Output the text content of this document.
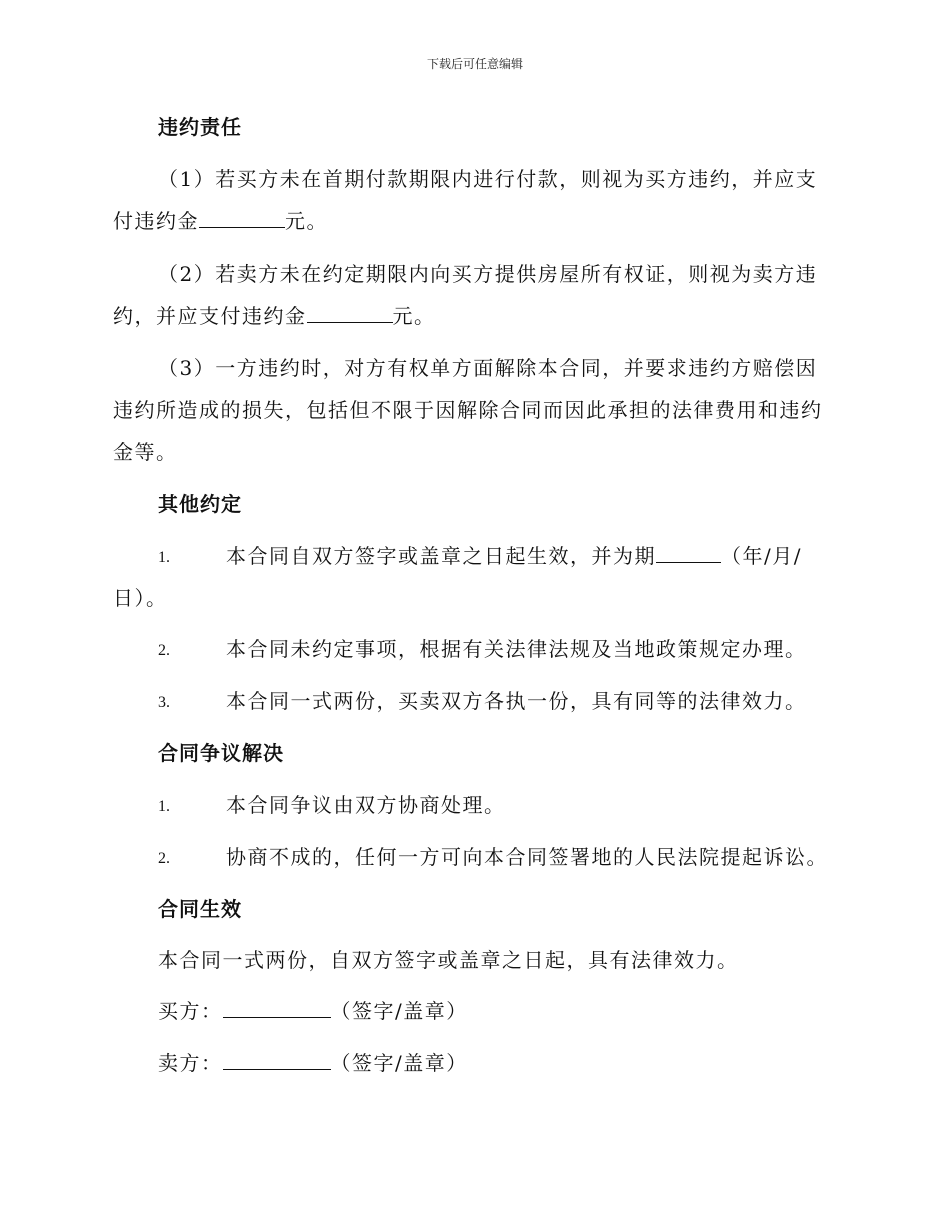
下载后可任意编辑
违约责任
（1）若买方未在首期付款期限内进行付款，则视为买方违约，并应支
付违约金	元。
（2）若卖方未在约定期限内向买方提供房屋所有权证，则视为卖方违
约，并应支付违约金	元。
（3）一方违约时，对方有权单方面解除本合同，并要求违约方赔偿因
违约所造成的损失，包括但不限于因解除合同而因此承担的法律费用和违约
金等。
其他约定
1.	本合同自双方签字或盖章之日起生效，并为期	（年/月/
日）。
2.	本合同未约定事项，根据有关法律法规及当地政策规定办理。
3.	本合同一式两份，买卖双方各执一份，具有同等的法律效力。
合同争议解决
1.	本合同争议由双方协商处理。
2.	协商不成的，任何一方可向本合同签署地的人民法院提起诉讼。
合同生效
本合同一式两份，自双方签字或盖章之日起，具有法律效力。
买方：	（签字/盖章）
卖方：	（签字/盖章）
